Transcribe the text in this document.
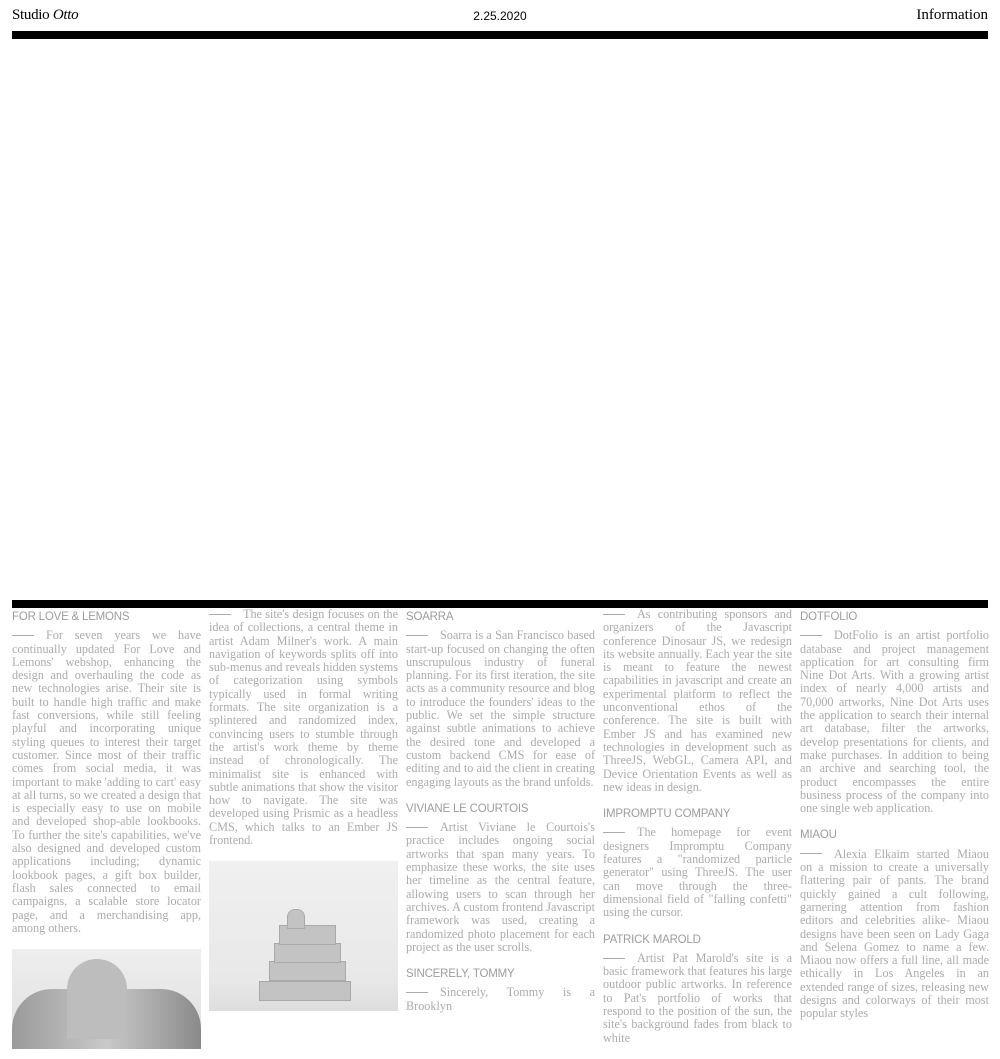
Studio Otto	2.25.2020	Information
FOR LOVE & LEMONS

For seven years we have continually updated For Love and Lemons' webshop, enhancing the design and overhauling the code as new technologies arise. Their site is built to handle high traffic and make fast conversions, while still feeling playful and incorporating unique styling queues to interest their target customer. Since most of their traffic comes from social media, it was important to make 'adding to cart' easy at all turns, so we created a design that is especially easy to use on mobile and developed shop-able lookbooks. To further the site's capabilities, we've also designed and developed custom applications including; dynamic lookbook pages, a gift box builder, flash sales connected to email campaigns, a scalable store locator page, and a merchandising app, among others.

The site's design focuses on the idea of collections, a central theme in artist Adam Milner's work. A main navigation of keywords splits off into sub-menus and reveals hidden systems of categorization using symbols typically used in formal writing formats. The site organization is a splintered and randomized index, convincing users to stumble through the artist's work theme by theme instead of chronologically. The minimalist site is enhanced with subtle animations that show the visitor how to navigate. The site was developed using Prismic as a headless CMS, which talks to an Ember JS frontend.

SOARRA

Soarra is a San Francisco based start-up focused on changing the often unscrupulous industry of funeral planning. For its first iteration, the site acts as a community resource and blog to introduce the founders' ideas to the public. We set the simple structure against subtle animations to achieve the desired tone and developed a custom backend CMS for ease of editing and to aid the client in creating engaging layouts as the brand unfolds.

VIVIANE LE COURTOIS

Artist Viviane le Courtois's practice includes ongoing social artworks that span many years. To emphasize these works, the site uses her timeline as the central feature, allowing users to scan through her archives. A custom frontend Javascript framework was used, creating a randomized photo placement for each project as the user scrolls.

SINCERELY, TOMMY

Sincerely, Tommy is a Brooklyn

As contributing sponsors and organizers of the Javascript conference Dinosaur JS, we redesign its website annually. Each year the site is meant to feature the newest capabilities in javascript and create an experimental platform to reflect the unconventional ethos of the conference. The site is built with Ember JS and has examined new technologies in development such as ThreeJS, WebGL, Camera API, and Device Orientation Events as well as new ideas in design.

IMPROMPTU COMPANY

The homepage for event designers Impromptu Company features a "randomized particle generator" using ThreeJS. The user can move through the three-dimensional field of "falling confetti" using the cursor.

PATRICK MAROLD

Artist Pat Marold's site is a basic framework that features his large outdoor public artworks. In reference to Pat's portfolio of works that respond to the position of the sun, the site's background fades from black to white

DOTFOLIO

DotFolio is an artist portfolio database and project management application for art consulting firm Nine Dot Arts. With a growing artist index of nearly 4,000 artists and 70,000 artworks, Nine Dot Arts uses the application to search their internal art database, filter the artworks, develop presentations for clients, and make purchases. In addition to being an archive and searching tool, the product encompasses the entire business process of the company into one single web application.

MIAOU

Alexia Elkaim started Miaou on a mission to create a universally flattering pair of pants. The brand quickly gained a cult following, garnering attention from fashion editors and celebrities alike- Miaou designs have been seen on Lady Gaga and Selena Gomez to name a few. Miaou now offers a full line, all made ethically in Los Angeles in an extended range of sizes, releasing new designs and colorways of their most popular styles
